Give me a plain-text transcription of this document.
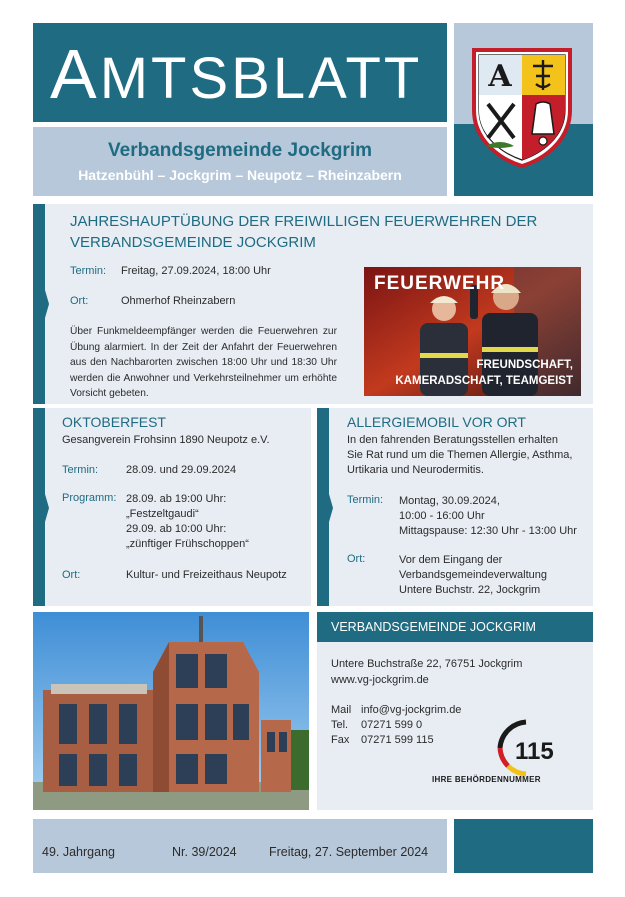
AMTSBLATT A
Verbandsgemeinde Jockgrim
Hatzenbühl – Jockgrim – Neupotz – Rheinzabern
JAHRESHAUPTÜBUNG DER FREIWILLIGEN FEUERWEHREN DER
VERBANDSGEMEINDE JOCKGRIM
Termin: Freitag, 27.09.2024, 18:00 Uhr
Ort:	Ohmerhof Rheinzabern
Über Funkmeldeempfänger werden die Feuerwehren zur Übung alarmiert. In der Zeit der Anfahrt der Feuerwehren aus den Nachbarorten zwischen 18:00 Uhr und 18:30 Uhr werden die Anwohner und Verkehrsteilnehmer um erhöhte Vorsicht gebeten.
FEUERWEHR
FREUNDSCHAFT,
KAMERADSCHAFT, TEAMGEIST
OKTOBERFEST
Gesangverein Frohsinn 1890 Neupotz e.V.
Termin:	28.09. und 29.09.2024
Programm: 28.09. ab 19:00 Uhr:
„Festzeltgaudi“
29.09. ab 10:00 Uhr:
„zünftiger Frühschoppen“
Ort:	Kultur- und Freizeithaus Neupotz
ALLERGIEMOBIL VOR ORT
In den fahrenden Beratungsstellen erhalten
Sie Rat rund um die Themen Allergie, Asthma,
Urtikaria und Neurodermitis.
Termin: Montag, 30.09.2024,
10:00 - 16:00 Uhr
Mittagspause: 12:30 Uhr - 13:00 Uhr
Ort:	Vor dem Eingang der
Verbandsgemeindeverwaltung
Untere Buchstr. 22, Jockgrim
VERBANDSGEMEINDE JOCKGRIM
Untere Buchstraße 22, 76751 Jockgrim
www.vg-jockgrim.de
Mail info@vg-jockgrim.de
Tel. 07271 599 0
Fax 07271 599 115	115
IHRE BEHÖRDENNUMMER
49. Jahrgang	Nr. 39/2024	Freitag, 27. September 2024
